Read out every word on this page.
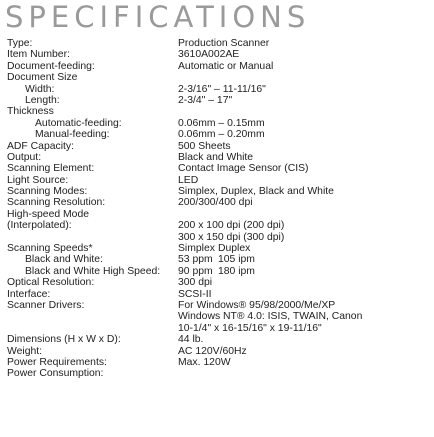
SPECIFICATIONS
Type:
Item Number:
Document-feeding:
Document Size
Width:
Length:
Thickness
Automatic-feeding:
Manual-feeding:
ADF Capacity:
Output:
Scanning Element:
Light Source:
Scanning Modes:
Scanning Resolution:
High-speed Mode
(Interpolated):
Scanning Speeds*
Black and White:
Black and White High Speed:
Optical Resolution:
Interface:
Scanner Drivers:
Dimensions (H x W x D):
Weight:
Power Requirements:
Power Consumption:
Production Scanner
3610A002AE
Automatic or Manual
2-3/16" – 11-11/16"
2-3/4" – 17"
0.06mm – 0.15mm
0.06mm – 0.20mm
500 Sheets
Black and White
Contact Image Sensor (CIS)
LED
Simplex, Duplex, Black and White
200/300/400 dpi
200 x 100 dpi (200 dpi)
300 x 150 dpi (300 dpi)
Simplex Duplex
53 ppm 105 ipm
90 ppm 180 ipm
300 dpi
SCSI-II
For Windows® 95/98/2000/Me/XP
Windows NT® 4.0: ISIS, TWAIN, Canon
10-1/4" x 16-15/16" x 19-11/16"
44 lb.
AC 120V/60Hz
Max. 120W
